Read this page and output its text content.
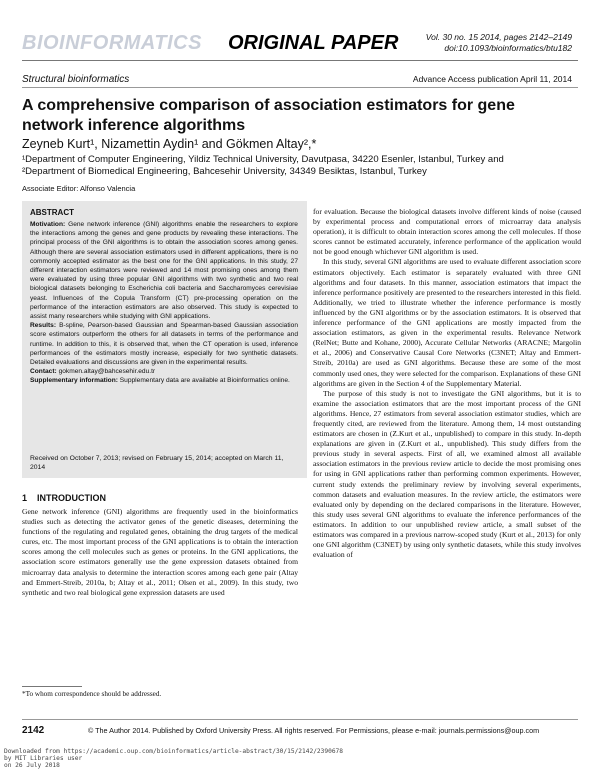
BIOINFORMATICS ORIGINAL PAPER	Vol. 30 no. 15 2014, pages 2142–2149
doi:10.1093/bioinformatics/btu182
Structural bioinformatics	Advance Access publication April 11, 2014
A comprehensive comparison of association estimators for gene network inference algorithms
Zeyneb Kurt¹, Nizamettin Aydin¹ and Gökmen Altay²,*
¹Department of Computer Engineering, Yildiz Technical University, Davutpasa, 34220 Esenler, Istanbul, Turkey and
²Department of Biomedical Engineering, Bahcesehir University, 34349 Besiktas, Istanbul, Turkey
Associate Editor: Alfonso Valencia
ABSTRACT

Motivation: Gene network inference (GNI) algorithms enable the researchers to explore the interactions among the genes and gene products by revealing these interactions. The principal process of the GNI algorithms is to obtain the association scores among genes. Although there are several association estimators used in different applications, there is no commonly accepted estimator as the best one for the GNI applications. In this study, 27 different interaction estimators were reviewed and 14 most promising ones among them were evaluated by using three popular GNI algorithms with two synthetic and two real biological datasets belonging to Escherichia coli bacteria and Saccharomyces cerevisiae yeast. Influences of the Copula Transform (CT) pre-processing operation on the performance of the interaction estimators are also observed. This study is expected to assist many researchers while studying with GNI applications.

Results: B-spline, Pearson-based Gaussian and Spearman-based Gaussian association score estimators outperform the others for all datasets in terms of the performance and runtime. In addition to this, it is observed that, when the CT operation is used, inference performances of the estimators mostly increase, especially for two synthetic datasets. Detailed evaluations and discussions are given in the experimental results.

Contact: gokmen.altay@bahcesehir.edu.tr

Supplementary information: Supplementary data are available at Bioinformatics online.

Received on October 7, 2013; revised on February 15, 2014; accepted on March 11, 2014
1 INTRODUCTION

Gene network inference (GNI) algorithms are frequently used in the bioinformatics studies such as detecting the activator genes of the genetic diseases, determining the functions of the regulating and regulated genes, obtaining the drug targets of the medical cures, etc. The most important process of the GNI applications is to obtain the interaction scores among the cell molecules such as genes or proteins. In the GNI applications, the association score estimators generally use the gene expression datasets obtained from microarray data analysis to determine the interaction scores among each gene pair (Altay and Emmert-Streib, 2010a, b; Altay et al., 2011; Olsen et al., 2009). In this study, two synthetic and two real biological gene expression datasets are used

*To whom correspondence should be addressed.

for evaluation. Because the biological datasets involve different kinds of noise (caused by experimental process and computational errors of microarray data analysis operation), it is difficult to obtain interaction scores among the cell molecules. If those scores cannot be estimated accurately, inference performance of the application would not be good enough whichever GNI algorithm is used.

In this study, several GNI algorithms are used to evaluate different association score estimators objectively. Each estimator is separately evaluated with three GNI algorithms and four datasets. In this manner, association estimators that impact the inference performance positively are presented to the researchers interested in this field. Additionally, we tried to illustrate whether the inference performance is mostly influenced by the GNI algorithms or by the association estimators. It is observed that inference performance of the GNI applications are mostly impacted from the association estimators, as given in the experimental results. Relevance Network (RelNet; Butte and Kohane, 2000), Accurate Cellular Networks (ARACNE; Margolin et al., 2006) and Conservative Causal Core Networks (C3NET; Altay and Emmert-Streib, 2010a) are used as GNI algorithms. Because these are some of the most commonly used ones, they were selected for the comparison. Explanations of these GNI algorithms are given in the Section 4 of the Supplementary Material.

The purpose of this study is not to investigate the GNI algorithms, but it is to examine the association estimators that are the most important process of the GNI algorithms. Hence, 27 estimators from several association estimator studies, which are frequently cited, are reviewed from the literature. Among them, 14 most outstanding estimators are chosen in (Z.Kurt et al., unpublished) to compare in this study. In-depth explanations are given in (Z.Kurt et al., unpublished). This study differs from the previous study in several aspects. First of all, we examined almost all available association estimators in the previous review article to decide the most promising ones for using in GNI applications rather than performing common experiments. However, current study extends the preliminary review by involving several experiments, common datasets and evaluation measures. In the review article, the estimators were evaluated only by depending on the declared comparisons in the literature. However, this study uses several GNI algorithms to evaluate the inference performances of the estimators. In addition to our unpublished review article, a small subset of the estimators was compared in a previous narrow-scoped study (Kurt et al., 2013) for only one GNI algorithm (C3NET) by using only synthetic datasets, while this study involves evaluation of

2142	© The Author 2014. Published by Oxford University Press. All rights reserved. For Permissions, please e-mail: journals.permissions@oup.com
Downloaded from https://academic.oup.com/bioinformatics/article-abstract/30/15/2142/2390678
by MIT Libraries user
on 26 July 2018
